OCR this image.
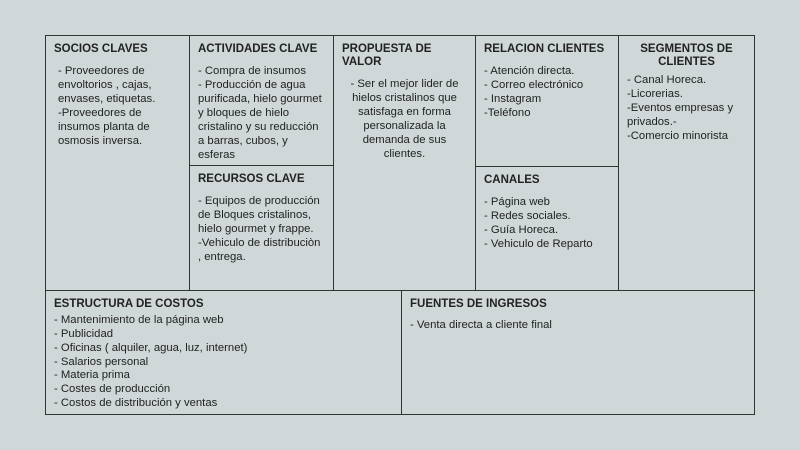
SOCIOS CLAVES
- Proveedores de envoltorios , cajas, envases, etiquetas.
-Proveedores de insumos planta de osmosis inversa.
ACTIVIDADES CLAVE
- Compra de insumos
- Producción de agua purificada, hielo gourmet y bloques de hielo cristalino y su reducción a barras, cubos, y esferas
RECURSOS CLAVE
- Equipos de producción de Bloques cristalinos, hielo gourmet y frappe.
-Vehiculo de distribuciòn , entrega.
PROPUESTA DE VALOR
- Ser el mejor lider de hielos cristalinos que satisfaga en forma personalizada la demanda de sus clientes.
RELACION CLIENTES
- Atención directa.
- Correo electrónico
- Instagram
-Teléfono
CANALES
- Página web
- Redes sociales.
- Guía Horeca.
- Vehiculo de Reparto
SEGMENTOS DE CLIENTES
- Canal Horeca.
-Licorerias.
-Eventos empresas y privados.-
-Comercio minorista
ESTRUCTURA DE COSTOS
- Mantenimiento de la página web
- Publicidad
- Oficinas ( alquiler, agua, luz, internet)
- Salarios personal
- Materia prima
- Costes de producción
- Costos de distribución y ventas
FUENTES DE INGRESOS
- Venta directa a cliente final
